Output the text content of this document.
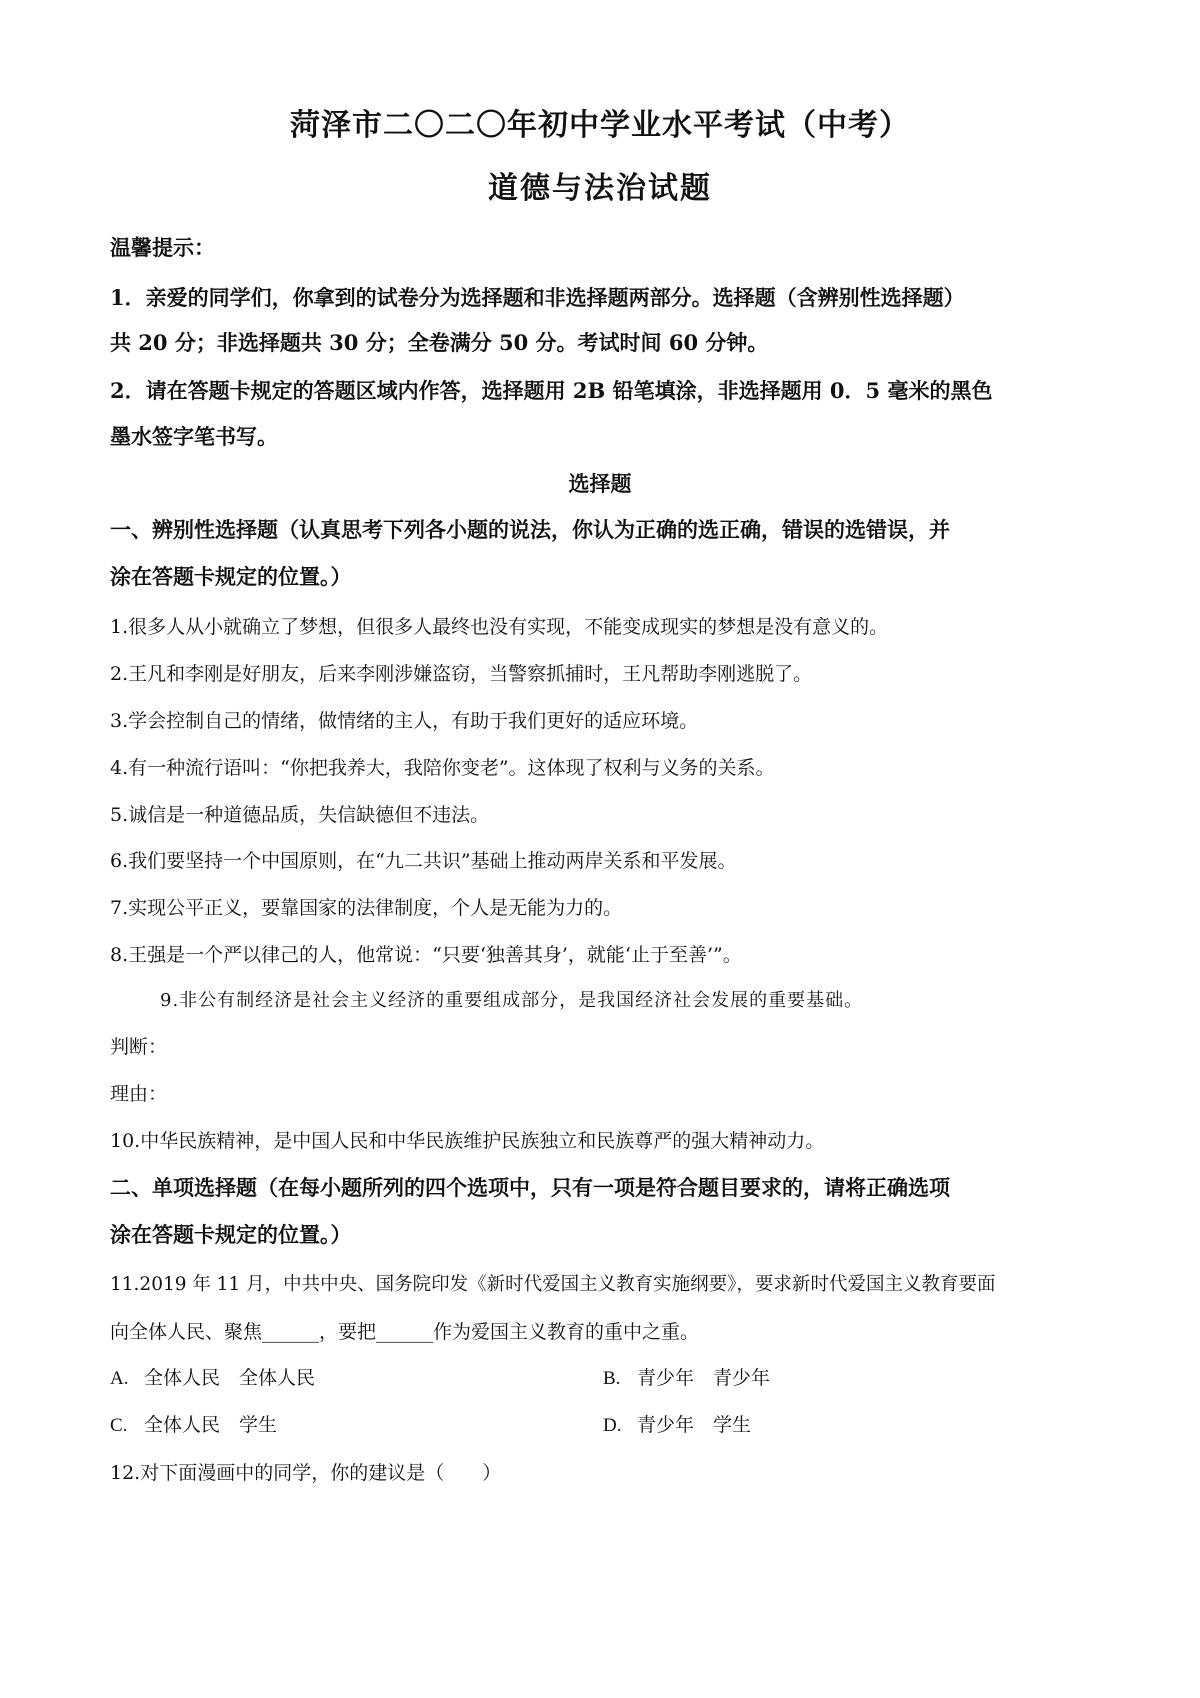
菏泽市二〇二〇年初中学业水平考试（中考）
道德与法治试题
温馨提示：
1．亲爱的同学们，你拿到的试卷分为选择题和非选择题两部分。选择题（含辨别性选择题）
共 20 分；非选择题共 30 分；全卷满分 50 分。考试时间 60 分钟。
2．请在答题卡规定的答题区域内作答，选择题用 2B 铅笔填涂，非选择题用 0．5 毫米的黑色
墨水签字笔书写。
选择题
一、辨别性选择题（认真思考下列各小题的说法，你认为正确的选正确，错误的选错误，并
涂在答题卡规定的位置。）
1.很多人从小就确立了梦想，但很多人最终也没有实现，不能变成现实的梦想是没有意义的。
2.王凡和李刚是好朋友，后来李刚涉嫌盗窃，当警察抓捕时，王凡帮助李刚逃脱了。
3.学会控制自己的情绪，做情绪的主人，有助于我们更好的适应环境。
4.有一种流行语叫：“你把我养大，我陪你变老”。这体现了权利与义务的关系。
5.诚信是一种道德品质，失信缺德但不违法。
6.我们要坚持一个中国原则，在“九二共识”基础上推动两岸关系和平发展。
7.实现公平正义，要靠国家的法律制度，个人是无能为力的。
8.王强是一个严以律己的人，他常说：“只要‘独善其身’，就能‘止于至善’”。
9.非公有制经济是社会主义经济的重要组成部分，是我国经济社会发展的重要基础。
判断：
理由：
10.中华民族精神，是中国人民和中华民族维护民族独立和民族尊严的强大精神动力。
二、单项选择题（在每小题所列的四个选项中，只有一项是符合题目要求的，请将正确选项
涂在答题卡规定的位置。）
11.2019 年 11 月，中共中央、国务院印发《新时代爱国主义教育实施纲要》，要求新时代爱国主义教育要面
向全体人民、聚焦______，要把______作为爱国主义教育的重中之重。
A. 全体人民　全体人民	B. 青少年　青少年
C. 全体人民　学生	D. 青少年　学生
12.对下面漫画中的同学，你的建议是（　　）
